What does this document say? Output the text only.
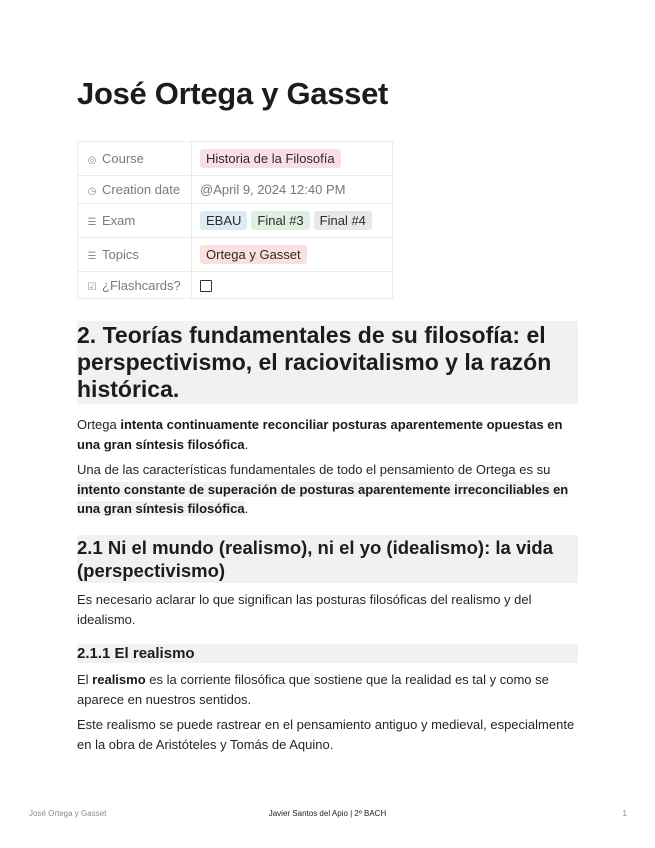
José Ortega y Gasset
◎ Course	Historia de la Filosofía
◷ Creation date	@April 9, 2024 12:40 PM
☰ Exam	EBAU Final #3 Final #4
☰ Topics	Ortega y Gasset
☑ ¿Flashcards?	
2. Teorías fundamentales de su filosofía: el perspectivismo, el raciovitalismo y la razón histórica.

Ortega intenta continuamente reconciliar posturas aparentemente opuestas en una gran síntesis filosófica.

Una de las características fundamentales de todo el pensamiento de Ortega es su intento constante de superación de posturas aparentemente irreconciliables en una gran síntesis filosófica.

2.1 Ni el mundo (realismo), ni el yo (idealismo): la vida (perspectivismo)

Es necesario aclarar lo que significan las posturas filosóficas del realismo y del idealismo.

2.1.1 El realismo

El realismo es la corriente filosófica que sostiene que la realidad es tal y como se aparece en nuestros sentidos.

Este realismo se puede rastrear en el pensamiento antiguo y medieval, especialmente en la obra de Aristóteles y Tomás de Aquino.

José Ortega y Gasset	Javier Santos del Apio | 2º BACH	1
